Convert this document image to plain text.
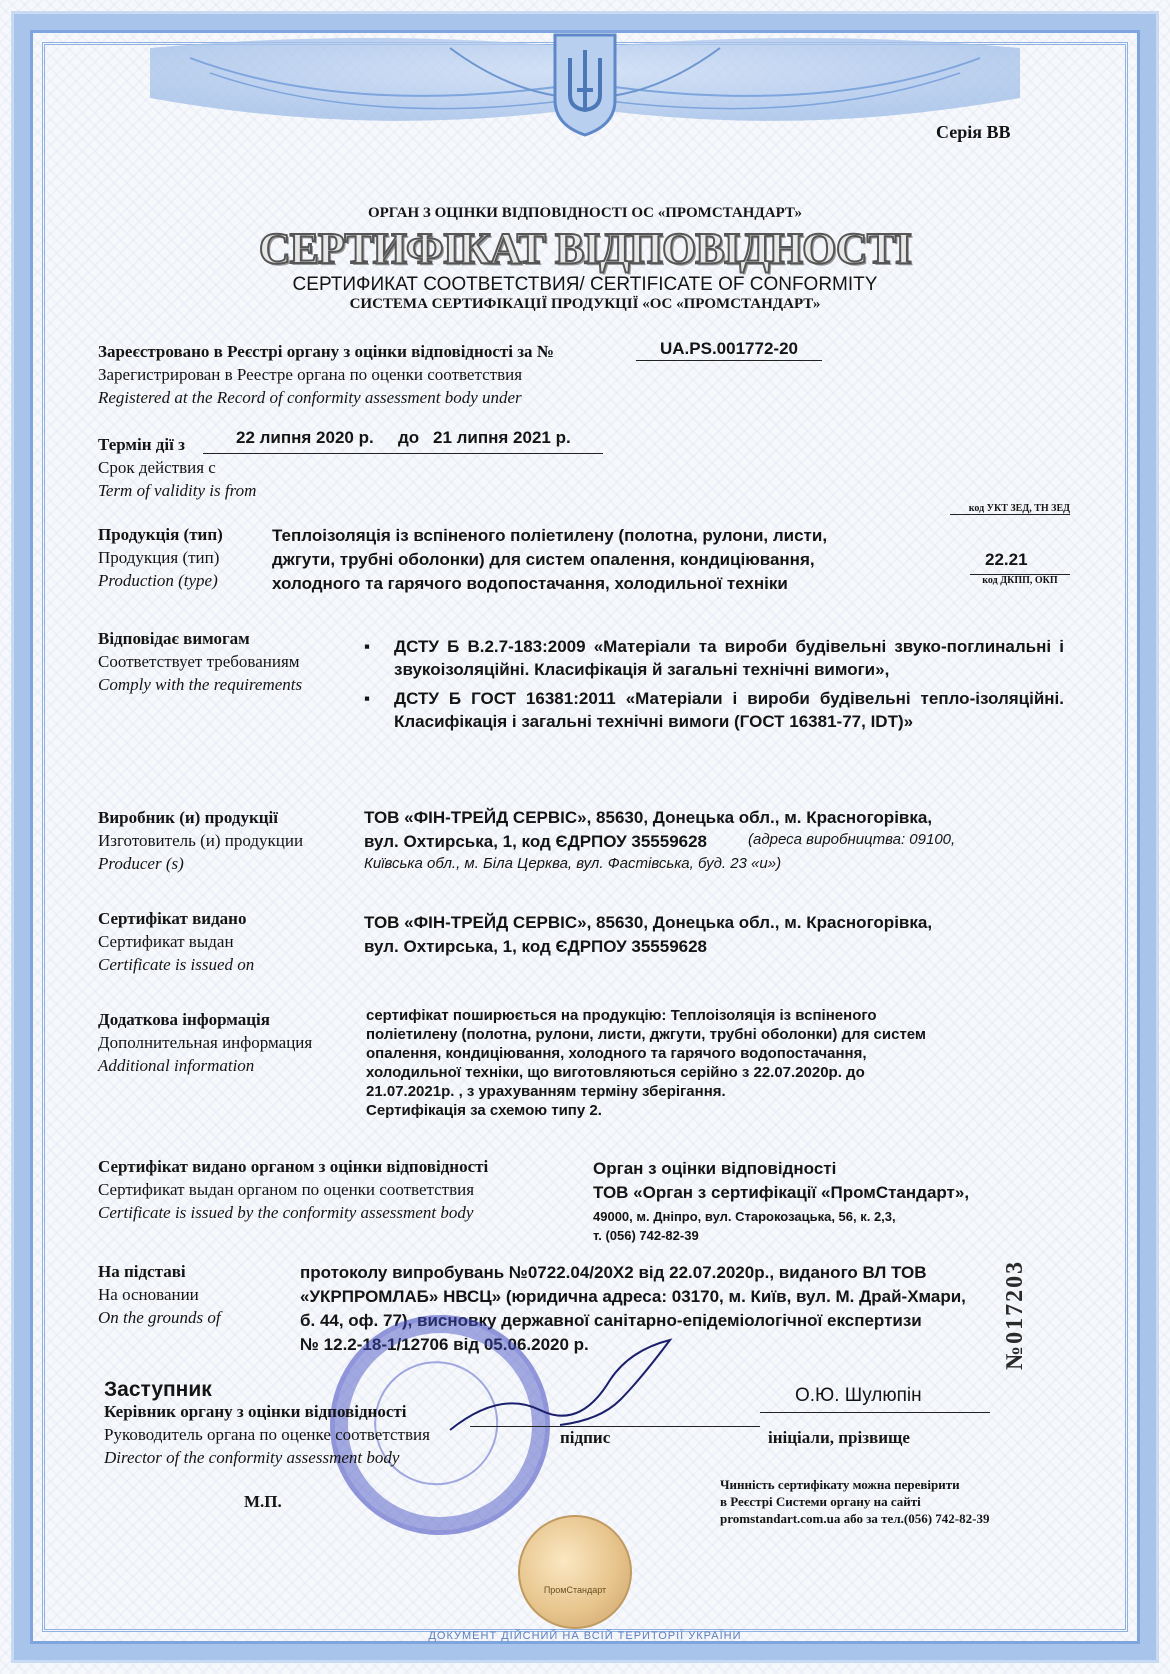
Серія ВВ
ОРГАН З ОЦІНКИ ВІДПОВІДНОСТІ ОС «ПРОМСТАНДАРТ»
СЕРТИФІКАТ ВІДПОВІДНОСТІ
СЕРТИФИКАТ СООТВЕТСТВИЯ/ CERTIFICATE OF CONFORMITY
СИСТЕМА СЕРТИФІКАЦІЇ ПРОДУКЦІЇ «ОС «ПРОМСТАНДАРТ»
Зареєстровано в Реєстрі органу з оцінки відповідності за №	UA.PS.001772-20
Зарегистрирован в Реестре органа по оценки соответствия
Registered at the Record of conformity assessment body under
Термін дії з	22 липня 2020 р. до 21 липня 2021 р.
Срок действия с
Term of validity is from
код УКТ ЗЕД, ТН ЗЕД
22.21
код ДКПП, ОКП
Продукція (тип)
Продукция (тип)
Production (type)
Теплоізоляція із вспіненого поліетилену (полотна, рулони, листи,
джгути, трубні оболонки) для систем опалення, кондиціювання,
холодного та гарячого водопостачання, холодильної техніки
Відповідає вимогам
Соответствует требованиям
Comply with the requirements
▪ ДСТУ Б В.2.7-183:2009 «Матеріали та вироби будівельні звуко-поглинальні і звукоізоляційні. Класифікація й загальні технічні вимоги»,
▪ ДСТУ Б ГОСТ 16381:2011 «Матеріали і вироби будівельні тепло-ізоляційні. Класифікація і загальні технічні вимоги (ГОСТ 16381-77, IDT)»
Виробник (и) продукції
Изготовитель (и) продукции
Producer (s)
ТОВ «ФІН-ТРЕЙД СЕРВІС», 85630, Донецька обл., м. Красногорівка,
вул. Охтирська, 1, код ЄДРПОУ 35559628	(адреса виробництва: 09100,
Київська обл., м. Біла Церква, вул. Фастівська, буд. 23 «и»)
Сертифікат видано
Сертификат выдан
Certificate is issued on
ТОВ «ФІН-ТРЕЙД СЕРВІС», 85630, Донецька обл., м. Красногорівка,
вул. Охтирська, 1, код ЄДРПОУ 35559628
Додаткова інформація
Дополнительная информация
Additional information
сертифікат поширюється на продукцію: Теплоізоляція із вспіненого
поліетилену (полотна, рулони, листи, джгути, трубні оболонки) для систем
опалення, кондиціювання, холодного та гарячого водопостачання,
холодильної техніки, що виготовляються серійно з 22.07.2020р. до
21.07.2021р. , з урахуванням терміну зберігання.
Сертифікація за схемою типу 2.
Сертифікат видано органом з оцінки відповідності
Сертификат выдан органом по оценки соответствия
Certificate is issued by the conformity assessment body
Орган з оцінки відповідності
ТОВ «Орган з сертифікації «ПромСтандарт»,
49000, м. Дніпро, вул. Старокозацька, 56, к. 2,3,
т. (056) 742-82-39
На підставі
На основании
On the grounds of
протоколу випробувань №0722.04/20Х2 від 22.07.2020р., виданого ВЛ ТОВ
«УКРПРОМЛАБ» НВСЦ» (юридична адреса: 03170, м. Київ, вул. М. Драй-Хмари,
б. 44, оф. 77), висновку державної санітарно-епідеміологічної експертизи
№ 12.2-18-1/12706 від 05.06.2020 р.
Заступник
Керівник органу з оцінки відповідності
Руководитель органа по оценке соответствия
Director of the conformity assessment body
підпис
О.Ю. Шулюпін
ініціали, прізвище
М.П.
Чинність сертифікату можна перевірити
в Реєстрі Системи органу на сайті
promstandart.com.ua або за тел.(056) 742-82-39
№017203
ПромСтандарт
ДОКУМЕНТ ДІЙСНИЙ НА ВСІЙ ТЕРИТОРІЇ УКРАЇНИ
